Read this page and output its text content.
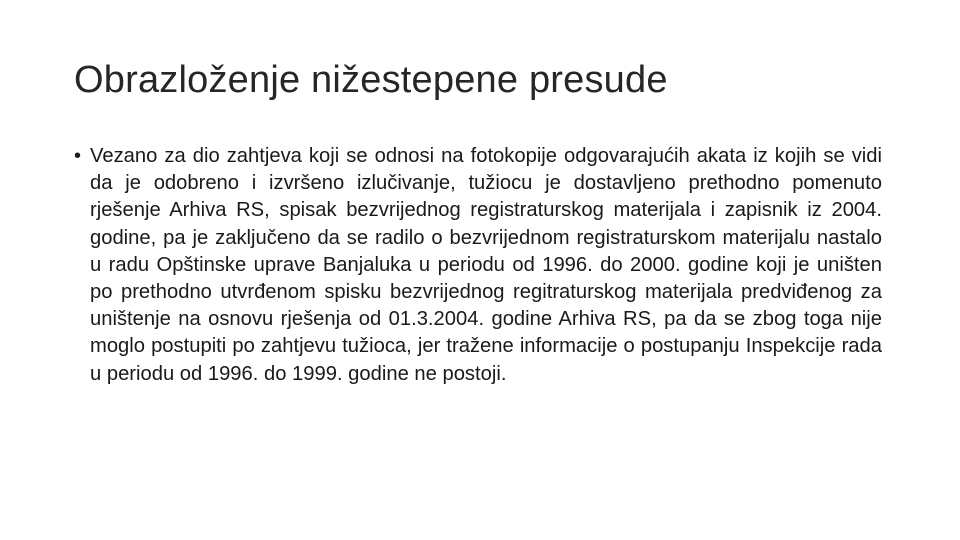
Obrazloženje nižestepene presude
• Vezano za dio zahtjeva koji se odnosi na fotokopije odgovarajućih akata iz kojih se vidi da je odobreno i izvršeno izlučivanje, tužiocu je dostavljeno prethodno pomenuto rješenje Arhiva RS, spisak bezvrijednog registraturskog materijala i zapisnik iz 2004. godine, pa je zaključeno da se radilo o bezvrijednom registraturskom materijalu nastalo u radu Opštinske uprave Banjaluka u periodu od 1996. do 2000. godine koji je uništen po prethodno utvrđenom spisku bezvrijednog regitraturskog materijala predviđenog za uništenje na osnovu rješenja od 01.3.2004. godine Arhiva RS, pa da se zbog toga nije moglo postupiti po zahtjevu tužioca, jer tražene informacije o postupanju Inspekcije rada u periodu od 1996. do 1999. godine ne postoji.
